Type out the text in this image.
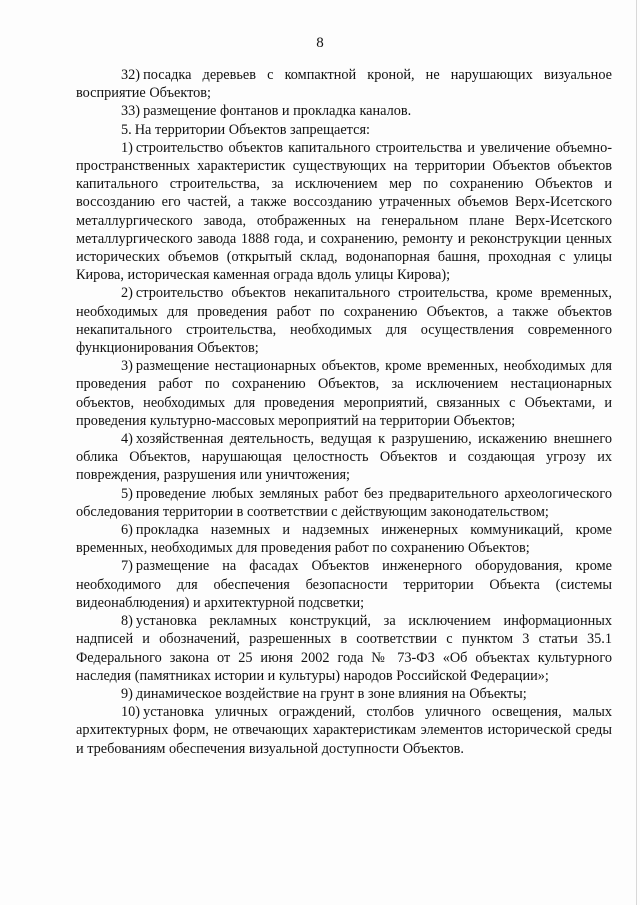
8

32) посадка деревьев с компактной кроной, не нарушающих визуальное восприятие Объектов;

33) размещение фонтанов и прокладка каналов.

5. На территории Объектов запрещается:

1) строительство объектов капитального строительства и увеличение объемно-пространственных характеристик существующих на территории Объектов объектов капитального строительства, за исключением мер по сохранению Объектов и воссозданию его частей, а также воссозданию утраченных объемов Верх-Исетского металлургического завода, отображенных на генеральном плане Верх-Исетского металлургического завода 1888 года, и сохранению, ремонту и реконструкции ценных исторических объемов (открытый склад, водонапорная башня, проходная с улицы Кирова, историческая каменная ограда вдоль улицы Кирова);

2) строительство объектов некапитального строительства, кроме временных, необходимых для проведения работ по сохранению Объектов, а также объектов некапитального строительства, необходимых для осуществления современного функционирования Объектов;

3) размещение нестационарных объектов, кроме временных, необходимых для проведения работ по сохранению Объектов, за исключением нестационарных объектов, необходимых для проведения мероприятий, связанных с Объектами, и проведения культурно-массовых мероприятий на территории Объектов;

4) хозяйственная деятельность, ведущая к разрушению, искажению внешнего облика Объектов, нарушающая целостность Объектов и создающая угрозу их повреждения, разрушения или уничтожения;

5) проведение любых земляных работ без предварительного археологического обследования территории в соответствии с действующим законодательством;

6) прокладка наземных и надземных инженерных коммуникаций, кроме временных, необходимых для проведения работ по сохранению Объектов;

7) размещение на фасадах Объектов инженерного оборудования, кроме необходимого для обеспечения безопасности территории Объекта (системы видеонаблюдения) и архитектурной подсветки;

8) установка рекламных конструкций, за исключением информационных надписей и обозначений, разрешенных в соответствии с пунктом 3 статьи 35.1 Федерального закона от 25 июня 2002 года № 73-ФЗ «Об объектах культурного наследия (памятниках истории и культуры) народов Российской Федерации»;

9) динамическое воздействие на грунт в зоне влияния на Объекты;

10) установка уличных ограждений, столбов уличного освещения, малых архитектурных форм, не отвечающих характеристикам элементов исторической среды и требованиям обеспечения визуальной доступности Объектов.
